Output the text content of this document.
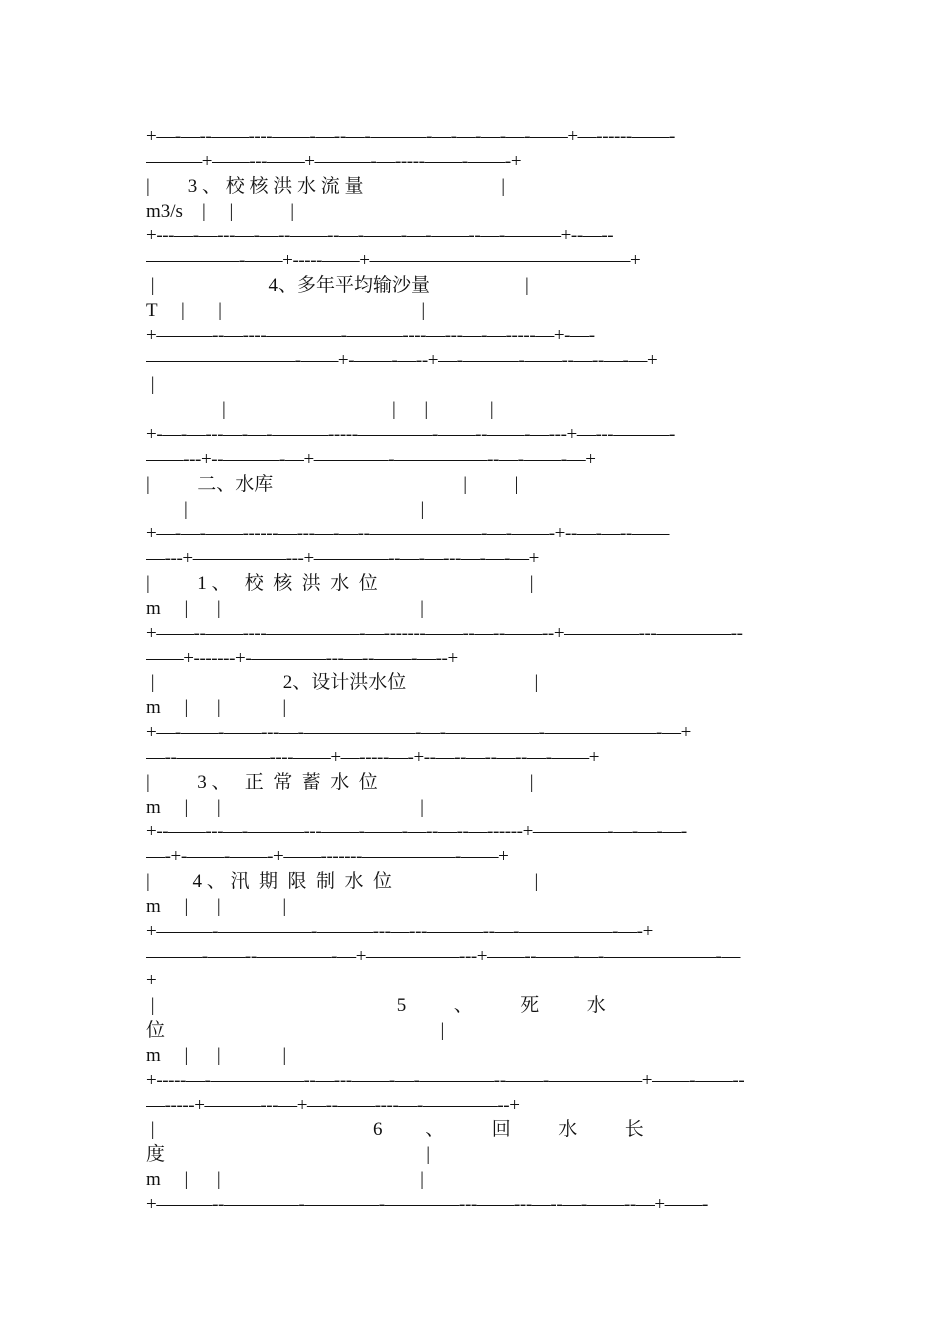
+—-—--——----——-—--—-———-—-—-—-—-——+—------——-
———+——---——+———-—-----——-——-+
|        3 、 校 核 洪 水 流 量                             |
m3/s    |     |            |
+---—-—---—-—--——--—-——-—-——--—-———+--—--
—————-——+-----——+——————————————+
|                        4、多年平均输沙量                    |
T     |       |                                          |
+———--—----————-———----—---—-—-----—+-—-
————————-——+-——-—--+—-———-——--—--—-—+
|
|                                   |      |             |
+-—-—---—-—-———-----————-——--——-—---+—---———-
——---+--———-—+————-—————--—-——-—+
|          二、水库                                        |          |
|                                                 |
+—-—-——------—---—-—--——————-—-——-+--—-—--——
—---+—————---+————--—-—---—-—-—+
|          1 、   校  核  洪  水  位                                |
m     |      |                                          |
+——--——----—————-—-------——--—--——--+————---————--
——+-------+-————---—--——-—--+
|                           2、设计洪水位                           |
m     |      |             |
+—-——-——---—-——————-—-—————-——————-—+
—--—————----——+—-----—-+--—--—--—--—-——+
|          3 、   正  常  蓄  水  位                                |
m     |      |                                          |
+--——---—-———---——-——-—--—--—------+————-—-—-—-
—-+-——-——-+——-------—————-——+
|         4 、 汛  期  限  制  水  位                              |
m     |      |             |
+———-—————-———---—---———--—-—————-—-+
———-——--————-—+—————---+——--——-—-——————-—
+
|                                                   5          、          死          水
位                                                          |
m     |      |             |
+-----—-—————--—---——-—-————--——-—————+——-——--
—-----+———---—+—--——----—-————--+
|                                              6         、          回          水          长
度                                                       |
m     |      |                                          |
+———--————-————-————---——---—--—-——--—+——-
